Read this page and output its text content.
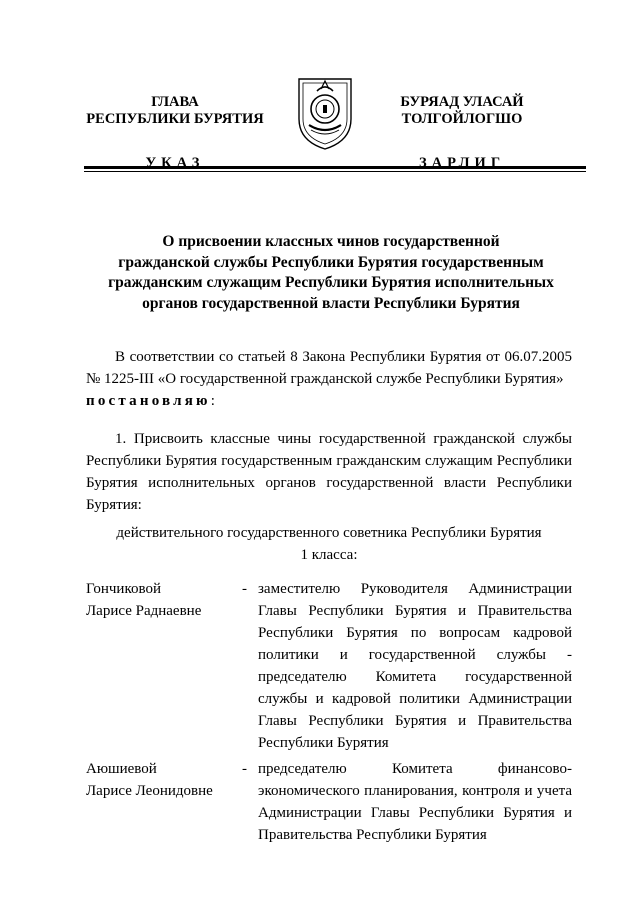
ГЛАВА
РЕСПУБЛИКИ БУРЯТИЯ
УКАЗ
БУРЯАД УЛАСАЙ
ТОЛГОЙЛОГШО
ЗАРЛИГ
О присвоении классных чинов государственной
гражданской службы Республики Бурятия государственным
гражданским служащим Республики Бурятия исполнительных
органов государственной власти Республики Бурятия
В соответствии со статьей 8 Закона Республики Бурятия от 06.07.2005 № 1225-III «О государственной гражданской службе Республики Бурятия»
постановляю:
1. Присвоить классные чины государственной гражданской службы Республики Бурятия государственным гражданским служащим Республики Бурятия исполнительных органов государственной власти Республики Бурятия:
действительного государственного советника Республики Бурятия
1 класса:
Гончиковой
Ларисе Раднаевне
- заместителю Руководителя Администрации Главы Республики Бурятия и Правительства Республики Бурятия по вопросам кадровой политики и государственной службы - председателю Комитета государственной службы и кадровой политики Администрации Главы Республики Бурятия и Правительства Республики Бурятия
Аюшиевой
Ларисе Леонидовне
- председателю Комитета финансово-экономического планирования, контроля и учета Администрации Главы Республики Бурятия и Правительства Республики Бурятия
